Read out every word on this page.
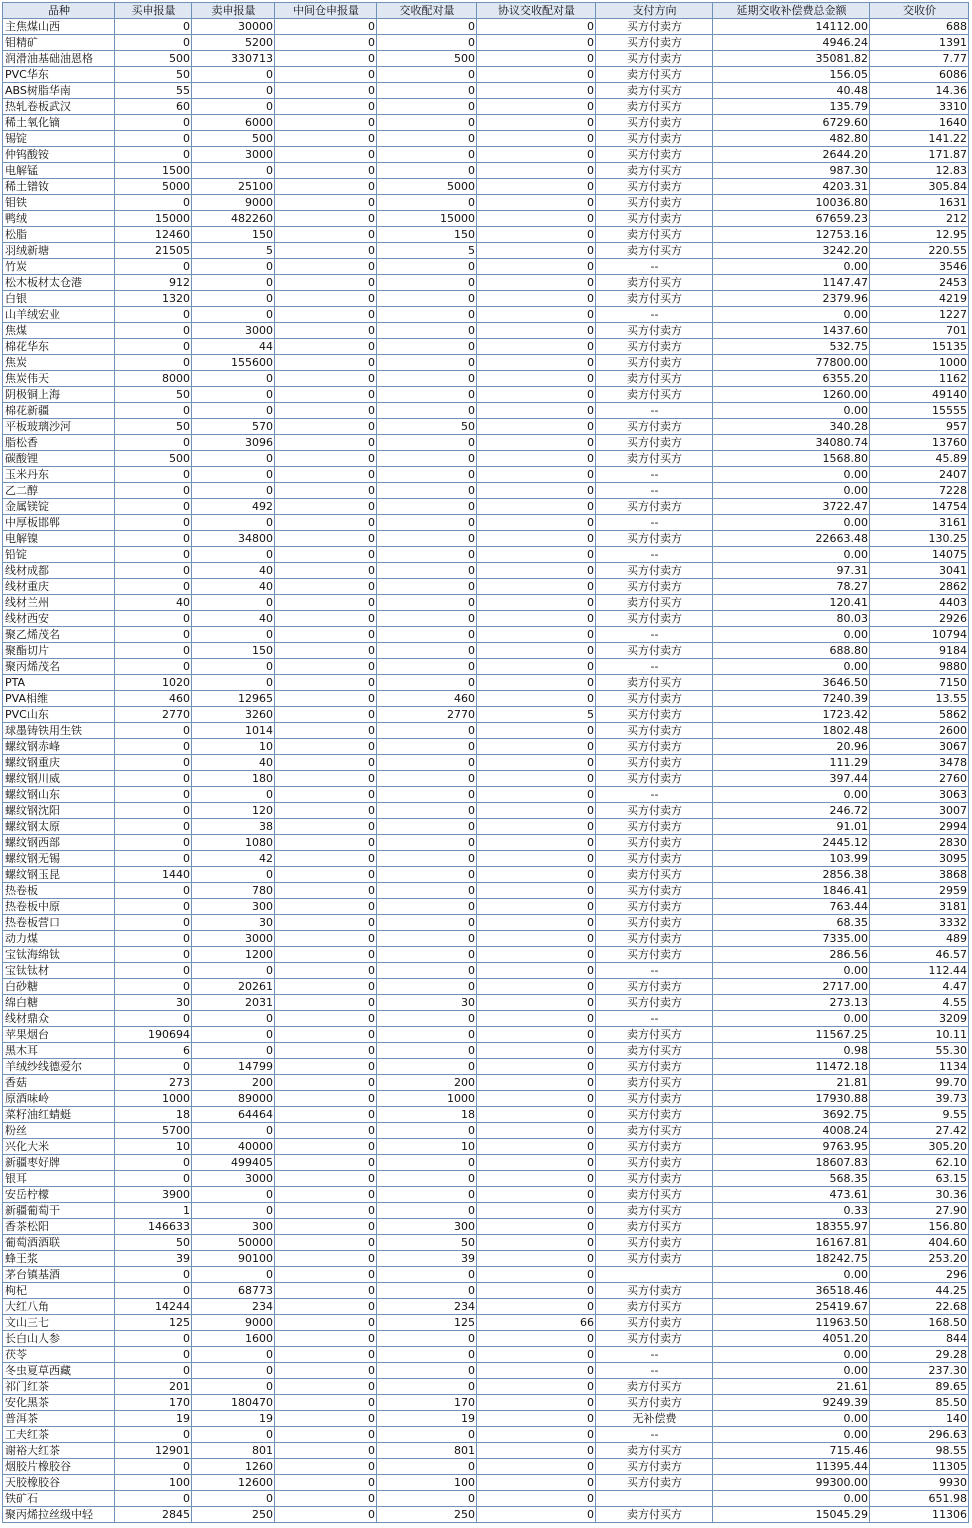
品种	买申报量	卖申报量	中间仓申报量	交收配对量	协议交收配对量	支付方向	延期交收补偿费总金额	交收价
主焦煤山西	0	30000	0	0	0	买方付卖方	14112.00	688
钼精矿	0	5200	0	0	0	买方付卖方	4946.24	1391
润滑油基础油恩格	500	330713	0	500	0	买方付卖方	35081.82	7.77
PVC华东	50	0	0	0	0	卖方付买方	156.05	6086
ABS树脂华南	55	0	0	0	0	卖方付买方	40.48	14.36
热轧卷板武汉	60	0	0	0	0	卖方付买方	135.79	3310
稀土氧化镝	0	6000	0	0	0	买方付卖方	6729.60	1640
锡锭	0	500	0	0	0	买方付卖方	482.80	141.22
仲钨酸铵	0	3000	0	0	0	买方付卖方	2644.20	171.87
电解锰	1500	0	0	0	0	卖方付买方	987.30	12.83
稀土镨钕	5000	25100	0	5000	0	买方付卖方	4203.31	305.84
钼铁	0	9000	0	0	0	买方付卖方	10036.80	1631
鸭绒	15000	482260	0	15000	0	买方付卖方	67659.23	212
松脂	12460	150	0	150	0	卖方付买方	12753.16	12.95
羽绒新塘	21505	5	0	5	0	卖方付买方	3242.20	220.55
竹炭	0	0	0	0	0	--	0.00	3546
松木板材太仓港	912	0	0	0	0	卖方付买方	1147.47	2453
白银	1320	0	0	0	0	卖方付买方	2379.96	4219
山羊绒宏业	0	0	0	0	0	--	0.00	1227
焦煤	0	3000	0	0	0	买方付卖方	1437.60	701
棉花华东	0	44	0	0	0	买方付卖方	532.75	15135
焦炭	0	155600	0	0	0	买方付卖方	77800.00	1000
焦炭伟天	8000	0	0	0	0	卖方付买方	6355.20	1162
阴极铜上海	50	0	0	0	0	卖方付买方	1260.00	49140
棉花新疆	0	0	0	0	0	--	0.00	15555
平板玻璃沙河	50	570	0	50	0	买方付卖方	340.28	957
脂松香	0	3096	0	0	0	买方付卖方	34080.74	13760
碳酸锂	500	0	0	0	0	卖方付买方	1568.80	45.89
玉米丹东	0	0	0	0	0	--	0.00	2407
乙二醇	0	0	0	0	0	--	0.00	7228
金属镁锭	0	492	0	0	0	买方付卖方	3722.47	14754
中厚板邯郸	0	0	0	0	0	--	0.00	3161
电解镍	0	34800	0	0	0	买方付卖方	22663.48	130.25
铅锭	0	0	0	0	0	--	0.00	14075
线材成都	0	40	0	0	0	买方付卖方	97.31	3041
线材重庆	0	40	0	0	0	买方付卖方	78.27	2862
线材兰州	40	0	0	0	0	卖方付买方	120.41	4403
线材西安	0	40	0	0	0	买方付卖方	80.03	2926
聚乙烯茂名	0	0	0	0	0	--	0.00	10794
聚酯切片	0	150	0	0	0	买方付卖方	688.80	9184
聚丙烯茂名	0	0	0	0	0	--	0.00	9880
PTA	1020	0	0	0	0	卖方付买方	3646.50	7150
PVA相维	460	12965	0	460	0	买方付卖方	7240.39	13.55
PVC山东	2770	3260	0	2770	5	买方付卖方	1723.42	5862
球墨铸铁用生铁	0	1014	0	0	0	买方付卖方	1802.48	2600
螺纹钢赤峰	0	10	0	0	0	买方付卖方	20.96	3067
螺纹钢重庆	0	40	0	0	0	买方付卖方	111.29	3478
螺纹钢川威	0	180	0	0	0	买方付卖方	397.44	2760
螺纹钢山东	0	0	0	0	0	--	0.00	3063
螺纹钢沈阳	0	120	0	0	0	买方付卖方	246.72	3007
螺纹钢太原	0	38	0	0	0	买方付卖方	91.01	2994
螺纹钢西部	0	1080	0	0	0	买方付卖方	2445.12	2830
螺纹钢无锡	0	42	0	0	0	买方付卖方	103.99	3095
螺纹钢玉昆	1440	0	0	0	0	卖方付买方	2856.38	3868
热卷板	0	780	0	0	0	买方付卖方	1846.41	2959
热卷板中原	0	300	0	0	0	买方付卖方	763.44	3181
热卷板营口	0	30	0	0	0	买方付卖方	68.35	3332
动力煤	0	3000	0	0	0	买方付卖方	7335.00	489
宝钛海绵钛	0	1200	0	0	0	买方付卖方	286.56	46.57
宝钛钛材	0	0	0	0	0	--	0.00	112.44
白砂糖	0	20261	0	0	0	买方付卖方	2717.00	4.47
绵白糖	30	2031	0	30	0	买方付卖方	273.13	4.55
线材鼎众	0	0	0	0	0	--	0.00	3209
苹果烟台	190694	0	0	0	0	卖方付买方	11567.25	10.11
黑木耳	6	0	0	0	0	卖方付买方	0.98	55.30
羊绒纱线德爱尔	0	14799	0	0	0	买方付卖方	11472.18	1134
香菇	273	200	0	200	0	卖方付买方	21.81	99.70
原酒味岭	1000	89000	0	1000	0	买方付卖方	17930.88	39.73
菜籽油红蜻蜓	18	64464	0	18	0	买方付卖方	3692.75	9.55
粉丝	5700	0	0	0	0	卖方付买方	4008.24	27.42
兴化大米	10	40000	0	10	0	买方付卖方	9763.95	305.20
新疆枣好牌	0	499405	0	0	0	买方付卖方	18607.83	62.10
银耳	0	3000	0	0	0	买方付卖方	568.35	63.15
安岳柠檬	3900	0	0	0	0	卖方付买方	473.61	30.36
新疆葡萄干	1	0	0	0	0	卖方付买方	0.33	27.90
香茶松阳	146633	300	0	300	0	卖方付买方	18355.97	156.80
葡萄酒酒联	50	50000	0	50	0	买方付卖方	16167.81	404.60
蜂王浆	39	90100	0	39	0	买方付卖方	18242.75	253.20
茅台镇基酒	0	0	0	0	0		0.00	296
枸杞	0	68773	0	0	0	买方付卖方	36518.46	44.25
大红八角	14244	234	0	234	0	卖方付买方	25419.67	22.68
文山三七	125	9000	0	125	66	买方付卖方	11963.50	168.50
长白山人参	0	1600	0	0	0	买方付卖方	4051.20	844
茯苓	0	0	0	0	0	--	0.00	29.28
冬虫夏草西藏	0	0	0	0	0	--	0.00	237.30
祁门红茶	201	0	0	0	0	卖方付买方	21.61	89.65
安化黑茶	170	180470	0	170	0	买方付卖方	9249.39	85.50
普洱茶	19	19	0	19	0	无补偿费	0.00	140
工夫红茶	0	0	0	0	0	--	0.00	296.63
谢裕大红茶	12901	801	0	801	0	卖方付买方	715.46	98.55
烟胶片橡胶谷	0	1260	0	0	0	买方付卖方	11395.44	11305
天胶橡胶谷	100	12600	0	100	0	买方付卖方	99300.00	9930
铁矿石	0	0	0	0	0		0.00	651.98
聚丙烯拉丝级中轻	2845	250	0	250	0	卖方付买方	15045.29	11306
